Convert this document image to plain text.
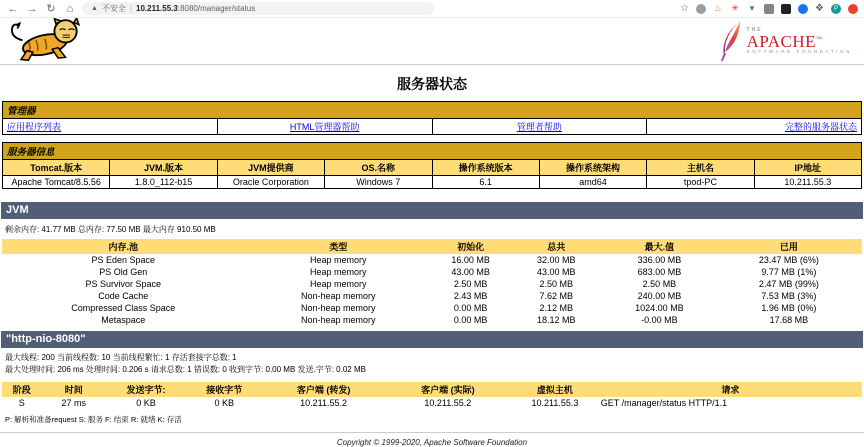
← → ↻	⌂	▲ 不安全 | 10.211.55.3:8080/manager/status	☆	♨ ✳	▾	❖	P
THE
APACHE™
SOFTWARE FOUNDATION
服务器状态
管理器
应用程序列表	HTML管理器帮助	管理者帮助	完整的服务器状态
服务器信息							
Tomcat.版本	JVM.版本	JVM提供商	OS.名称	操作系统版本	操作系统架构	主机名	IP地址
Apache Tomcat/8.5.56	1.8.0_112-b15	Oracle Corporation	Windows 7	6.1	amd64	tpod-PC	10.211.55.3
JVM
剩余内存: 41.77 MB 总内存: 77.50 MB 最大内存 910.50 MB
内存.池	类型	初始化	总共	最大.值	已用
PS Eden Space	Heap memory	16.00 MB	32.00 MB	336.00 MB	23.47 MB (6%)
PS Old Gen	Heap memory	43.00 MB	43.00 MB	683.00 MB	9.77 MB (1%)
PS Survivor Space	Heap memory	2.50 MB	2.50 MB	2.50 MB	2.47 MB (99%)
Code Cache	Non-heap memory	2.43 MB	7.62 MB	240.00 MB	7.53 MB (3%)
Compressed Class Space	Non-heap memory	0.00 MB	2.12 MB	1024.00 MB	1.96 MB (0%)
Metaspace	Non-heap memory	0.00 MB	18.12 MB	-0.00 MB	17.68 MB
"http-nio-8080"
最大线程: 200 当前线程数: 10 当前线程繁忙: 1 存活套接字总数: 1
最大处理时间: 206 ms 处理时间: 0.206 s 请求总数: 1 错误数: 0 收到字节: 0.00 MB 发送.字节: 0.02 MB
阶段	时间	发送字节:	接收字节	客户端 (转发)	客户端 (实际)	虚拟主机	请求
S	27 ms	0 KB	0 KB	10.211.55.2	10.211.55.2	10.211.55.3	GET /manager/status HTTP/1.1
P: 解析和准备request S: 服务 F: 结束 R: 就绪 K: 存活
Copyright © 1999-2020, Apache Software Foundation
